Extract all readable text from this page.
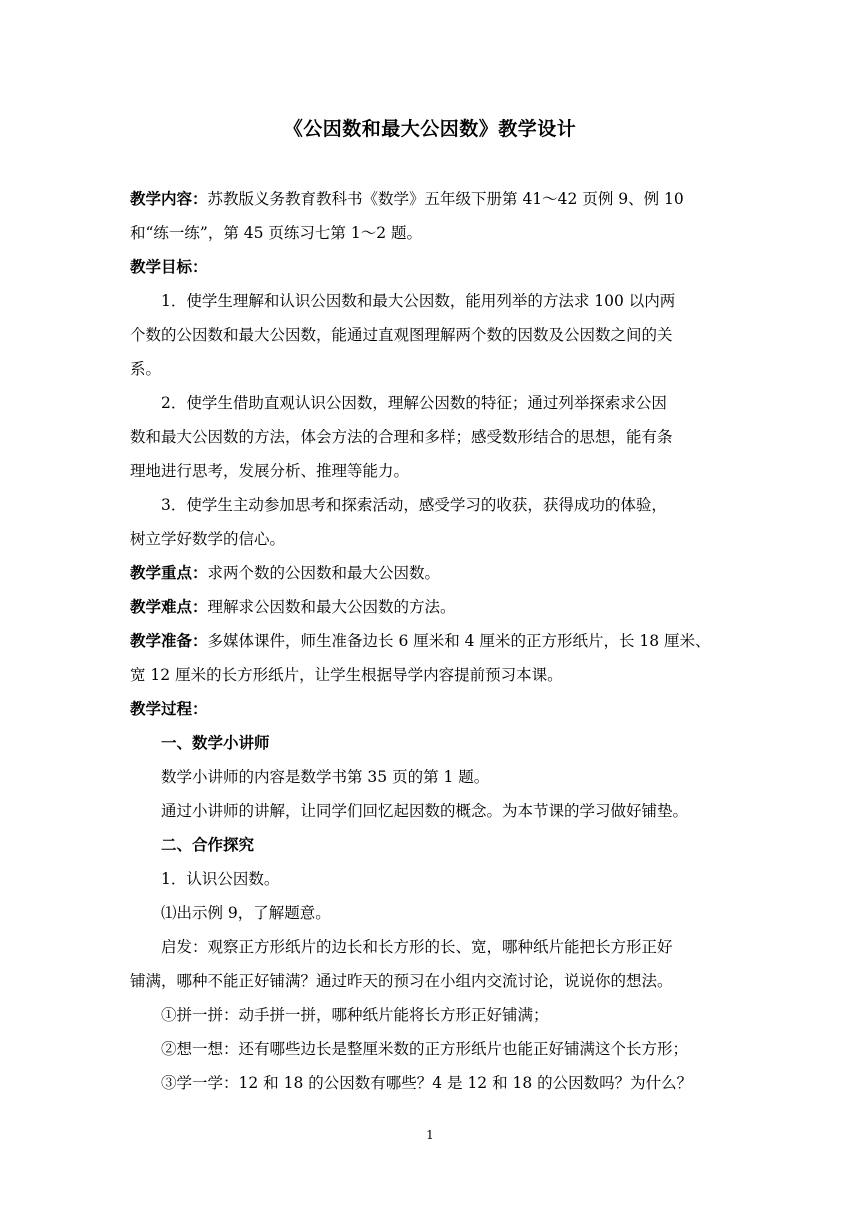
《公因数和最大公因数》教学设计
教学内容：苏教版义务教育教科书《数学》五年级下册第 41～42 页例 9、例 10
和“练一练”，第 45 页练习七第 1～2 题。
教学目标：
1．使学生理解和认识公因数和最大公因数，能用列举的方法求 100 以内两
个数的公因数和最大公因数，能通过直观图理解两个数的因数及公因数之间的关
系。
2．使学生借助直观认识公因数，理解公因数的特征；通过列举探索求公因
数和最大公因数的方法，体会方法的合理和多样；感受数形结合的思想，能有条
理地进行思考，发展分析、推理等能力。
3．使学生主动参加思考和探索活动，感受学习的收获，获得成功的体验，
树立学好数学的信心。
教学重点：求两个数的公因数和最大公因数。
教学难点：理解求公因数和最大公因数的方法。
教学准备：多媒体课件，师生准备边长 6 厘米和 4 厘米的正方形纸片，长 18 厘米、
宽 12 厘米的长方形纸片，让学生根据导学内容提前预习本课。
教学过程：
一、数学小讲师
数学小讲师的内容是数学书第 35 页的第 1 题。
通过小讲师的讲解，让同学们回忆起因数的概念。为本节课的学习做好铺垫。
二、合作探究
1．认识公因数。
⑴出示例 9，了解题意。
启发：观察正方形纸片的边长和长方形的长、宽，哪种纸片能把长方形正好
铺满，哪种不能正好铺满？通过昨天的预习在小组内交流讨论，说说你的想法。
①拼一拼：动手拼一拼，哪种纸片能将长方形正好铺满；
②想一想：还有哪些边长是整厘米数的正方形纸片也能正好铺满这个长方形；
③学一学：12 和 18 的公因数有哪些？4 是 12 和 18 的公因数吗？为什么？
1
